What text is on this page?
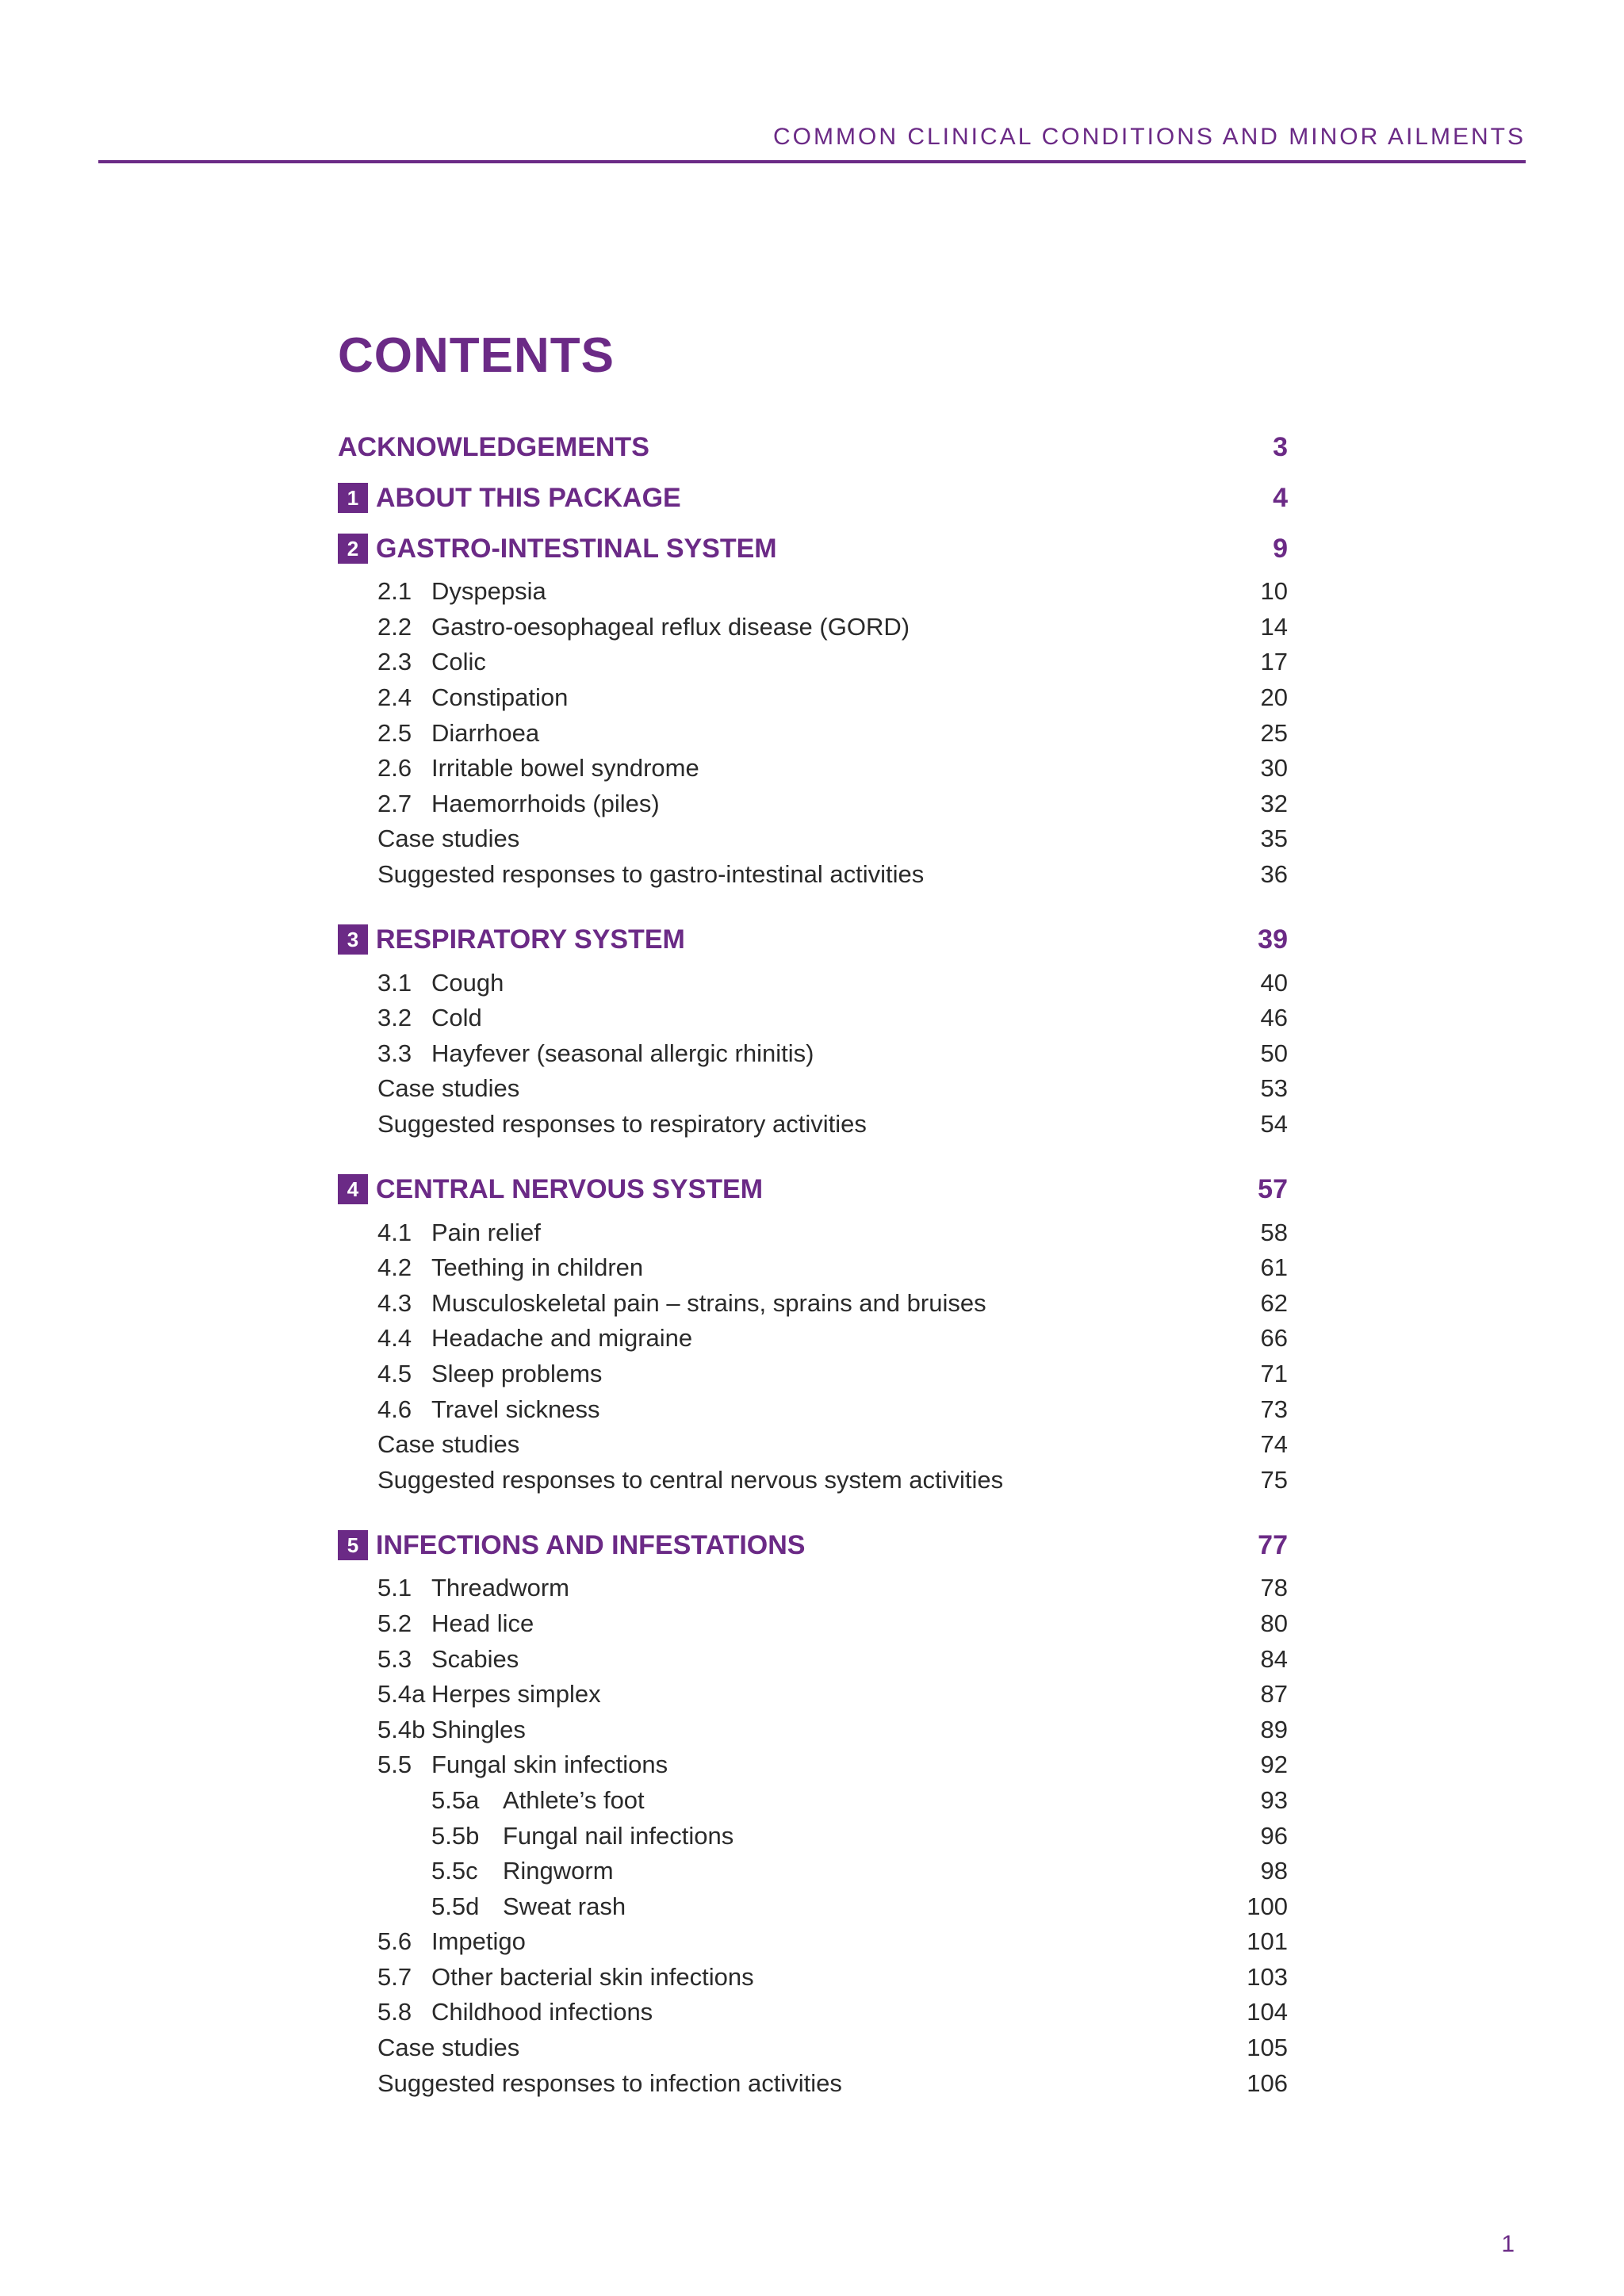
COMMON CLINICAL CONDITIONS AND MINOR AILMENTS
CONTENTS
ACKNOWLEDGEMENTS	3
1 ABOUT THIS PACKAGE	4
2 GASTRO-INTESTINAL SYSTEM	9
2.1 Dyspepsia	10
2.2 Gastro-oesophageal reflux disease (GORD)	14
2.3 Colic	17
2.4 Constipation	20
2.5 Diarrhoea	25
2.6 Irritable bowel syndrome	30
2.7 Haemorrhoids (piles)	32
Case studies	35
Suggested responses to gastro-intestinal activities	36
3 RESPIRATORY SYSTEM	39
3.1 Cough	40
3.2 Cold	46
3.3 Hayfever (seasonal allergic rhinitis)	50
Case studies	53
Suggested responses to respiratory activities	54
4 CENTRAL NERVOUS SYSTEM	57
4.1 Pain relief	58
4.2 Teething in children	61
4.3 Musculoskeletal pain – strains, sprains and bruises	62
4.4 Headache and migraine	66
4.5 Sleep problems	71
4.6 Travel sickness	73
Case studies	74
Suggested responses to central nervous system activities	75
5 INFECTIONS AND INFESTATIONS	77
5.1 Threadworm	78
5.2 Head lice	80
5.3 Scabies	84
5.4a Herpes simplex	87
5.4b Shingles	89
5.5 Fungal skin infections	92
5.5a Athlete’s foot	93
5.5b Fungal nail infections	96
5.5c	Ringworm	98
5.5d Sweat rash	100
5.6 Impetigo	101
5.7 Other bacterial skin infections	103
5.8 Childhood infections	104
Case studies	105
Suggested responses to infection activities	106
1
